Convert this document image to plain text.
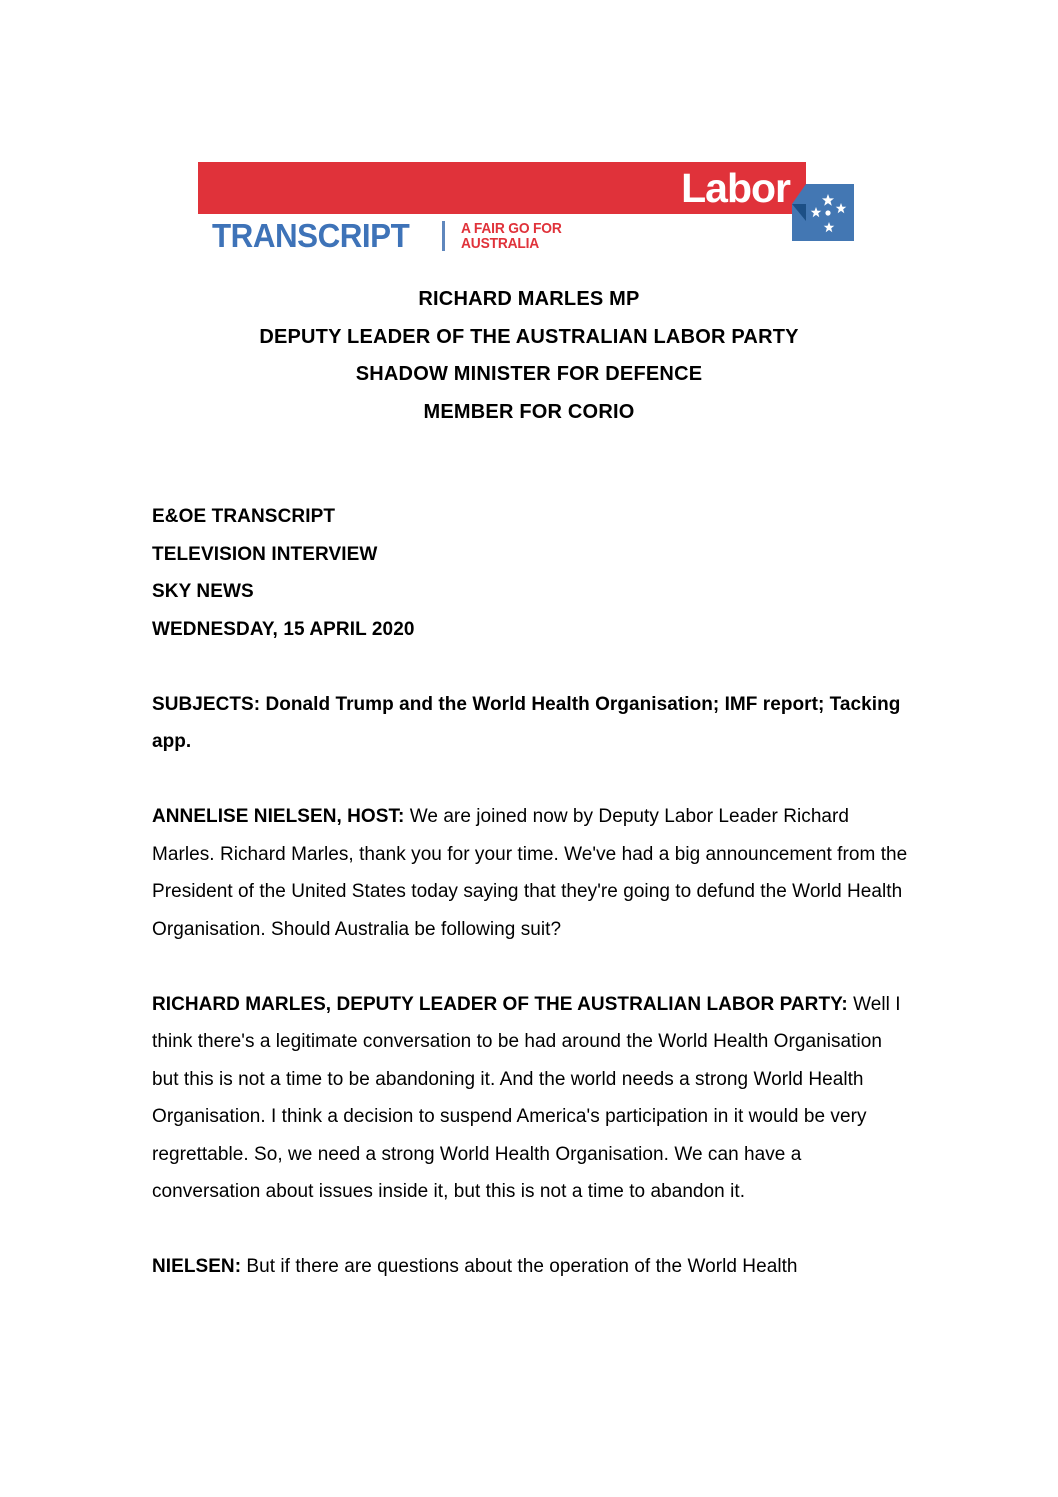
Labor
TRANSCRIPT	A FAIR GO FOR
AUSTRALIA
RICHARD MARLES MP
DEPUTY LEADER OF THE AUSTRALIAN LABOR PARTY
SHADOW MINISTER FOR DEFENCE
MEMBER FOR CORIO
E&OE TRANSCRIPT
TELEVISION INTERVIEW
SKY NEWS
WEDNESDAY, 15 APRIL 2020

SUBJECTS: Donald Trump and the World Health Organisation; IMF report; Tacking app.

ANNELISE NIELSEN, HOST: We are joined now by Deputy Labor Leader Richard Marles. Richard Marles, thank you for your time. We've had a big announcement from the President of the United States today saying that they're going to defund the World Health Organisation. Should Australia be following suit?

RICHARD MARLES, DEPUTY LEADER OF THE AUSTRALIAN LABOR PARTY: Well I think there's a legitimate conversation to be had around the World Health Organisation but this is not a time to be abandoning it. And the world needs a strong World Health Organisation. I think a decision to suspend America's participation in it would be very regrettable. So, we need a strong World Health Organisation. We can have a conversation about issues inside it, but this is not a time to abandon it.

NIELSEN: But if there are questions about the operation of the World Health
